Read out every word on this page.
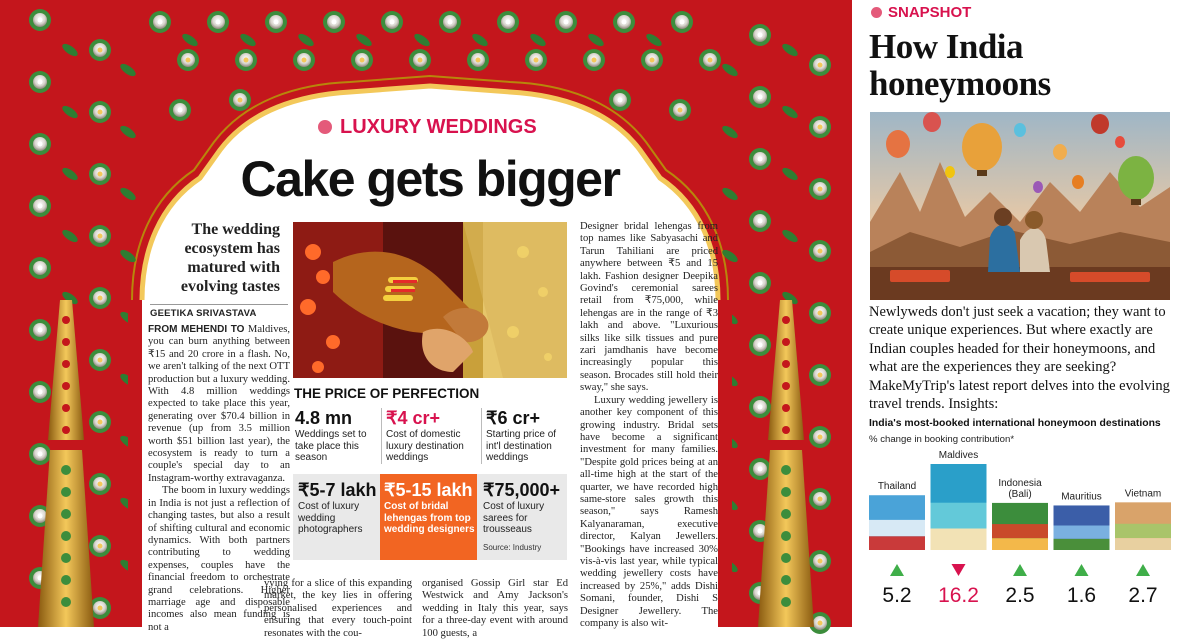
LUXURY WEDDINGS
Cake gets bigger
The wedding ecosystem has matured with evolving tastes
GEETIKA SRIVASTAVA

FROM MEHENDI TO Maldives, you can burn anything between ₹15 and 20 crore in a flash. No, we aren't talking of the next OTT production but a luxury wedding. With 4.8 million weddings expected to take place this year, generating over $70.4 billion in revenue (up from 3.5 million worth $51 billion last year), the ecosystem is ready to turn a couple's special day to an Instagram-worthy extravaganza.

The boom in luxury weddings in India is not just a reflection of changing tastes, but also a result of shifting cultural and economic dynamics. With both partners contributing to wedding expenses, couples have the financial freedom to orchestrate grand celebrations. Higher marriage age and disposable incomes also mean funding is not a

THE PRICE OF PERFECTION
4.8 mn
Weddings set to take place this season
₹4 cr+
Cost of domestic luxury destination weddings
₹6 cr+
Starting price of int'l destination weddings
₹5-7 lakh
Cost of luxury wedding photographers
₹5-15 lakh
Cost of bridal lehengas from top wedding designers
₹75,000+
Cost of luxury sarees for trousseaus
Source: Industry

vying for a slice of this expanding market, the key lies in offering personalised experiences and ensuring that every touch-point resonates with the cou-

organised Gossip Girl star Ed Westwick and Amy Jackson's wedding in Italy this year, says for a three-day event with around 100 guests, a

Designer bridal lehengas from top names like Sabyasachi and Tarun Tahiliani are priced anywhere between ₹5 and 15 lakh. Fashion designer Deepika Govind's ceremonial sarees retail from ₹75,000, while lehengas are in the range of ₹3 lakh and above. "Luxurious silks like silk tissues and pure zari jamdhanis have become increasingly popular this season. Brocades still hold their sway," she says.

Luxury wedding jewellery is another key component of this growing industry. Bridal sets have become a significant investment for many families. "Despite gold prices being at an all-time high at the start of the quarter, we have recorded high same-store sales growth this season," says Ramesh Kalyanaraman, executive director, Kalyan Jewellers. "Bookings have increased 30% vis-à-vis last year, while typical wedding jewellery costs have increased by 25%," adds Dishi Somani, founder, Dishi S Designer Jewellery. The company is also wit-

SNAPSHOT
How India honeymoons
Newlyweds don't just seek a vacation; they want to create unique experiences. But where exactly are Indian couples headed for their honeymoons, and what are the experiences they are seeking? MakeMyTrip's latest report delves into the evolving travel trends. Insights:
India's most-booked international honeymoon destinations
% change in booking contribution*
Thailand
5.2
Maldives
16.2
Indonesia
(Bali)
2.5
Mauritius
1.6
Vietnam
2.7
